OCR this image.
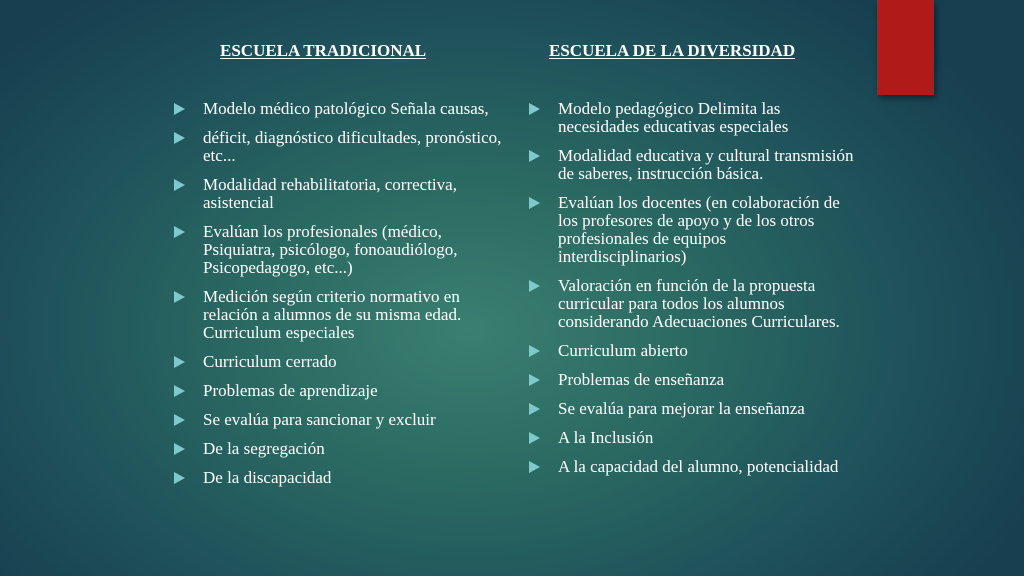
ESCUELA TRADICIONAL
Modelo médico patológico Señala causas,
déficit, diagnóstico dificultades, pronóstico, etc...
Modalidad rehabilitatoria, correctiva, asistencial
Evalúan los profesionales (médico, Psiquiatra, psicólogo, fonoaudiólogo, Psicopedagogo, etc...)
Medición según criterio normativo en relación a alumnos de su misma edad. Curriculum especiales
Curriculum cerrado
Problemas de aprendizaje
Se evalúa para sancionar y excluir
De la segregación
De la discapacidad
ESCUELA DE LA DIVERSIDAD
Modelo pedagógico Delimita las necesidades educativas especiales
Modalidad educativa y cultural transmisión de saberes, instrucción básica.
Evalúan los docentes (en colaboración de los profesores de apoyo y de los otros profesionales de equipos interdisciplinarios)
Valoración en función de la propuesta curricular para todos los alumnos considerando Adecuaciones Curriculares.
Curriculum abierto
Problemas de enseñanza
Se evalúa para mejorar la enseñanza
A la Inclusión
A la capacidad del alumno, potencialidad
